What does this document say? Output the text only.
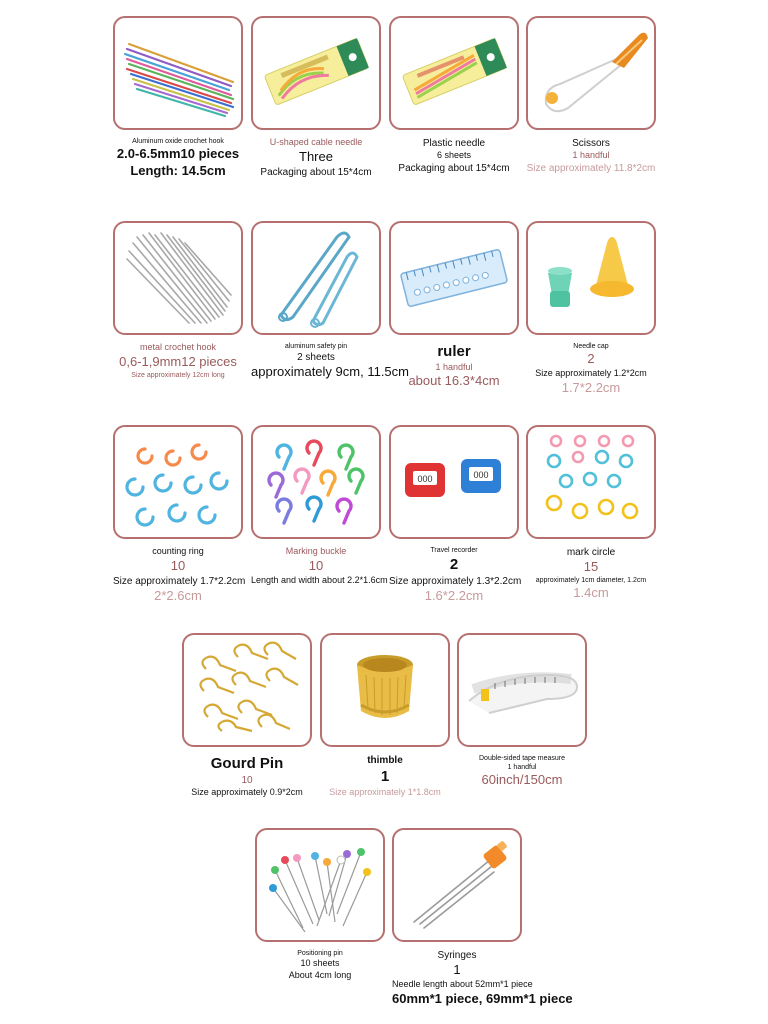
Aluminum oxide crochet hook
2.0-6.5mm10 pieces
Length: 14.5cm
U-shaped cable needle
Three
Packaging about 15*4cm
Plastic needle
6 sheets
Packaging about 15*4cm
Scissors
1 handful
Size approximately 11.8*2cm
metal crochet hook
0,6-1,9mm12 pieces
Size approximately 12cm long
aluminum safety pin
2 sheets
approximately 9cm, 11.5cm
ruler
1 handful
about 16.3*4cm
Needle cap
2
Size approximately 1.2*2cm
1.7*2.2cm
counting ring
10
Size approximately 1.7*2.2cm
2*2.6cm
Marking buckle
10
Length and width about 2.2*1.6cm
000	000
Travel recorder
2
Size approximately 1.3*2.2cm
1.6*2.2cm
mark circle
15
approximately 1cm diameter, 1.2cm
1.4cm
Gourd Pin
10
Size approximately 0.9*2cm
thimble
1
Size approximately 1*1.8cm
Double-sided tape measure
1 handful
60inch/150cm
Positioning pin
10 sheets
About 4cm long
Syringes
1
Needle length about 52mm*1 piece
60mm*1 piece, 69mm*1 piece
